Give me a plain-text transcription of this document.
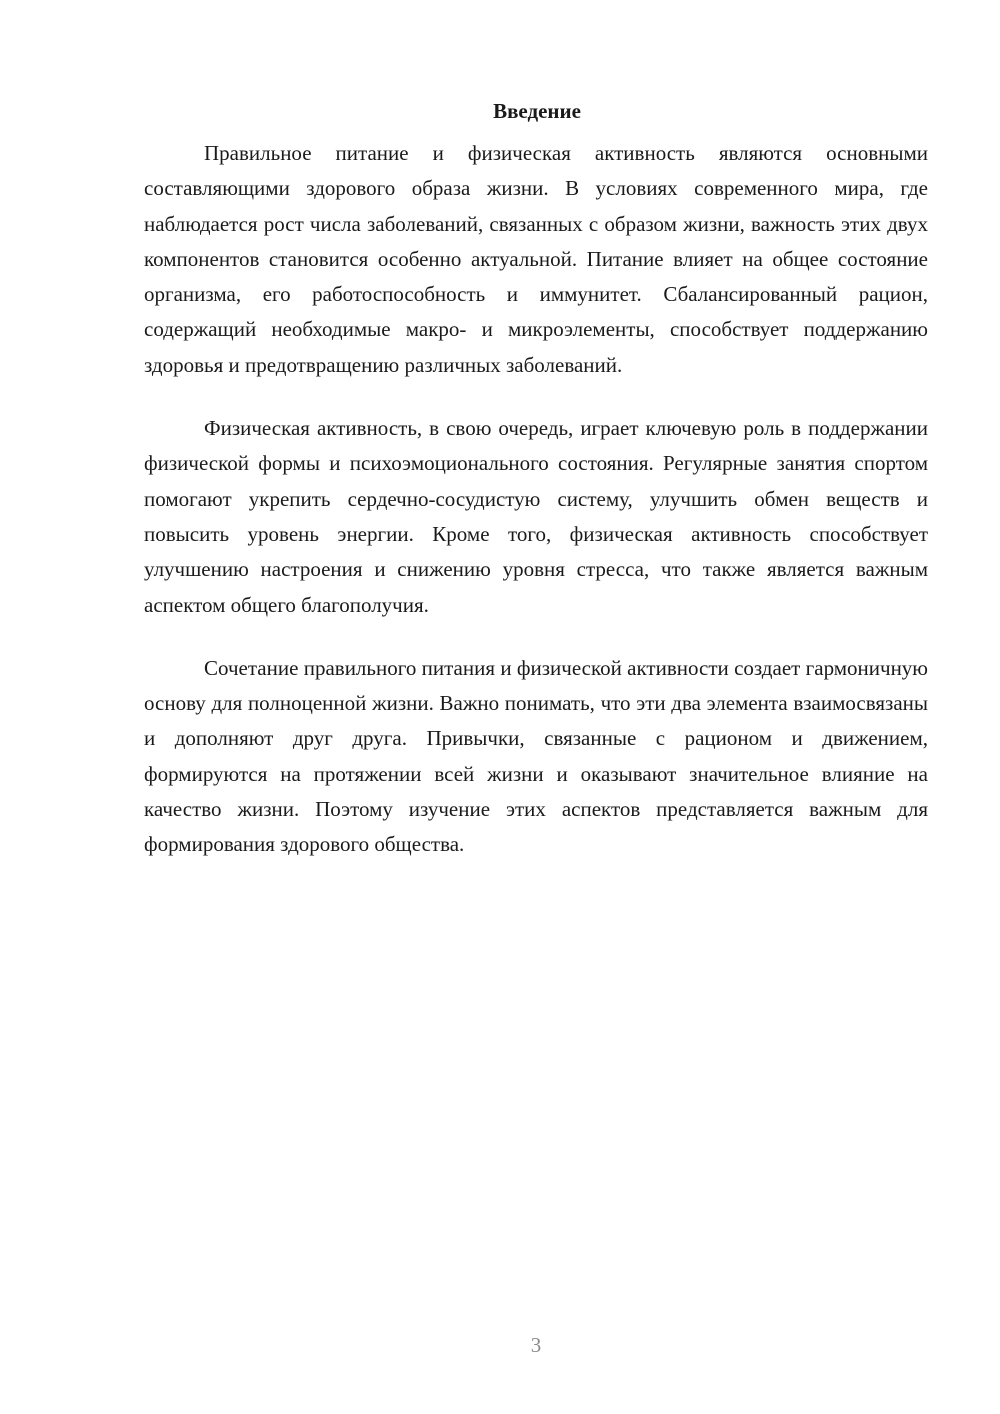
Введение

Правильное питание и физическая активность являются основными составляющими здорового образа жизни. В условиях современного мира, где наблюдается рост числа заболеваний, связанных с образом жизни, важность этих двух компонентов становится особенно актуальной. Питание влияет на общее состояние организма, его работоспособность и иммунитет. Сбалансированный рацион, содержащий необходимые макро- и микроэлементы, способствует поддержанию здоровья и предотвращению различных заболеваний.

Физическая активность, в свою очередь, играет ключевую роль в поддержании физической формы и психоэмоционального состояния. Регулярные занятия спортом помогают укрепить сердечно-сосудистую систему, улучшить обмен веществ и повысить уровень энергии. Кроме того, физическая активность способствует улучшению настроения и снижению уровня стресса, что также является важным аспектом общего благополучия.

Сочетание правильного питания и физической активности создает гармоничную основу для полноценной жизни. Важно понимать, что эти два элемента взаимосвязаны и дополняют друг друга. Привычки, связанные с рационом и движением, формируются на протяжении всей жизни и оказывают значительное влияние на качество жизни. Поэтому изучение этих аспектов представляется важным для формирования здорового общества.

3
